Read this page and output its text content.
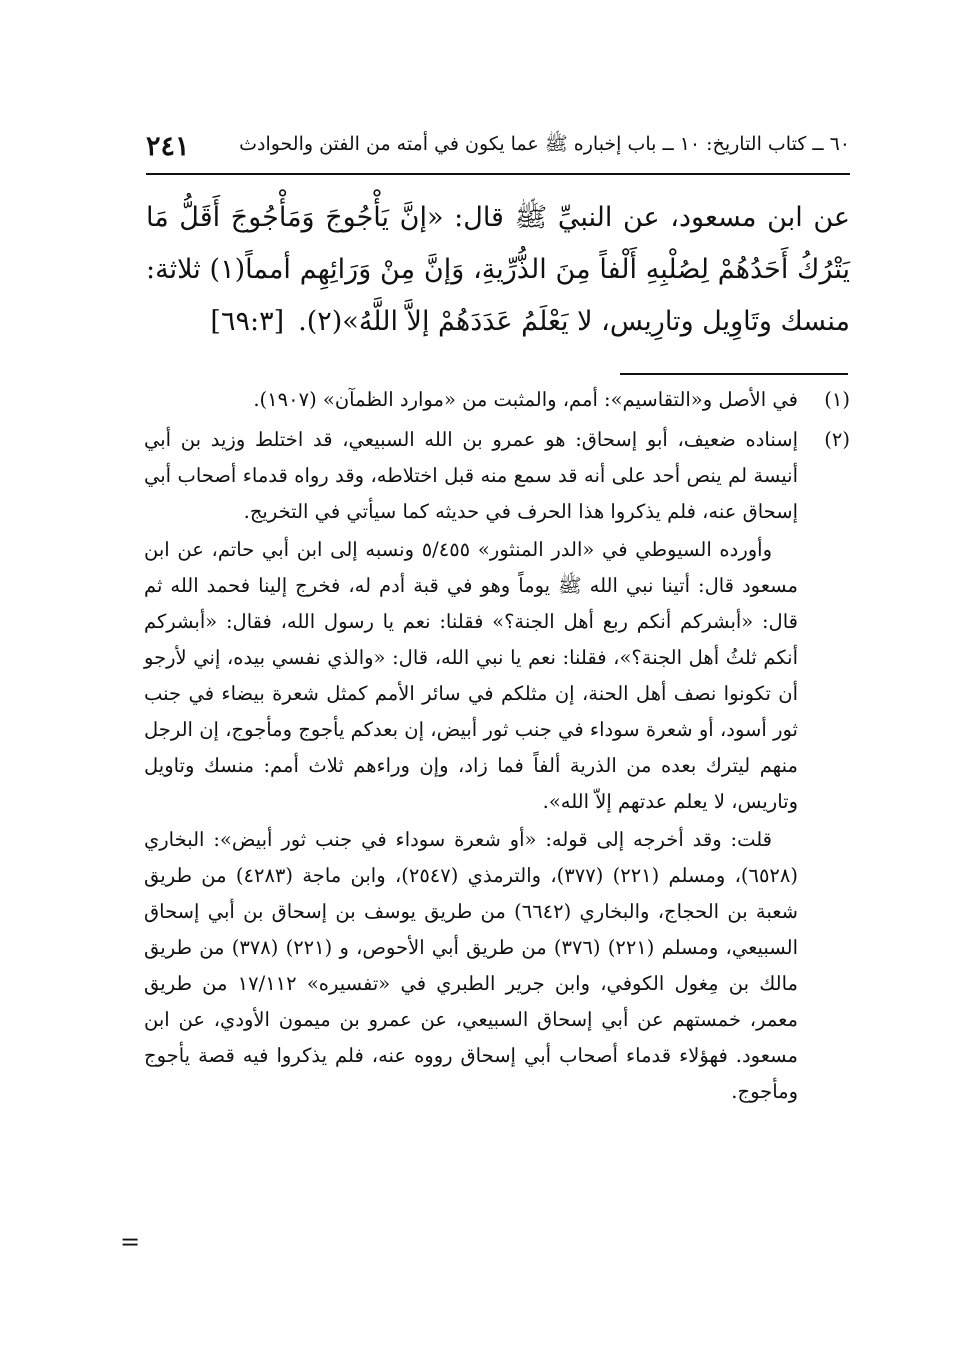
٦٠ ــ كتاب التاريخ: ١٠ ــ باب إخباره ﷺ عما يكون في أمته من الفتن والحوادث
٢٤١
عن ابن مسعود، عن النبيِّ ﷺ قال: «إنَّ يَأْجُوجَ وَمَأْجُوجَ أَقَلُّ مَا يَتْرُكُ أَحَدُهُمْ لِصُلْبِهِ أَلْفاً مِنَ الذُّرِّيةِ، وَإنَّ مِنْ وَرَائِهِم أمماً(١) ثلاثة: منسك وتَاوِيل وتارِيس، لا يَعْلَمُ عَدَدَهُمْ إلاَّ اللَّهُ»(٢).[٦٩:٣]
(١)

في الأصل و«التقاسيم»: أمم، والمثبت من «موارد الظمآن» (١٩٠٧).

(٢)

إسناده ضعيف، أبو إسحاق: هو عمرو بن الله السبيعي، قد اختلط وزيد بن أبي أنيسة لم ينص أحد على أنه قد سمع منه قبل اختلاطه، وقد رواه قدماء أصحاب أبي إسحاق عنه، فلم يذكروا هذا الحرف في حديثه كما سيأتي في التخريج.

وأورده السيوطي في «الدر المنثور» ٥/٤٥٥ ونسبه إلى ابن أبي حاتم، عن ابن مسعود قال: أتينا نبي الله ﷺ يوماً وهو في قبة أدم له، فخرج إلينا فحمد الله ثم قال: «أبشركم أنكم ربع أهل الجنة؟» فقلنا: نعم يا رسول الله، فقال: «أبشركم أنكم ثلثُ أهل الجنة؟»، فقلنا: نعم يا نبي الله، قال: «والذي نفسي بيده، إني لأرجو أن تكونوا نصف أهل الحنة، إن مثلكم في سائر الأمم كمثل شعرة بيضاء في جنب ثور أسود، أو شعرة سوداء في جنب ثور أبيض، إن بعدكم يأجوج ومأجوج، إن الرجل منهم ليترك بعده من الذرية ألفاً فما زاد، وإن وراءهم ثلاث أمم: منسك وتاويل وتاريس، لا يعلم عدتهم إلاّ الله».

قلت: وقد أخرجه إلى قوله: «أو شعرة سوداء في جنب ثور أبيض»: البخاري (٦٥٢٨)، ومسلم (٢٢١) (٣٧٧)، والترمذي (٢٥٤٧)، وابن ماجة (٤٢٨٣) من طريق شعبة بن الحجاج، والبخاري (٦٦٤٢) من طريق يوسف بن إسحاق بن أبي إسحاق السبيعي، ومسلم (٢٢١) (٣٧٦) من طريق أبي الأحوص، و (٢٢١) (٣٧٨) من طريق مالك بن مِغول الكوفي، وابن جرير الطبري في «تفسيره» ١٧/١١٢ من طريق معمر، خمستهم عن أبي إسحاق السبيعي، عن عمرو بن ميمون الأودي، عن ابن مسعود. فهؤلاء قدماء أصحاب أبي إسحاق رووه عنه، فلم يذكروا فيه قصة يأجوج ومأجوج.

=
